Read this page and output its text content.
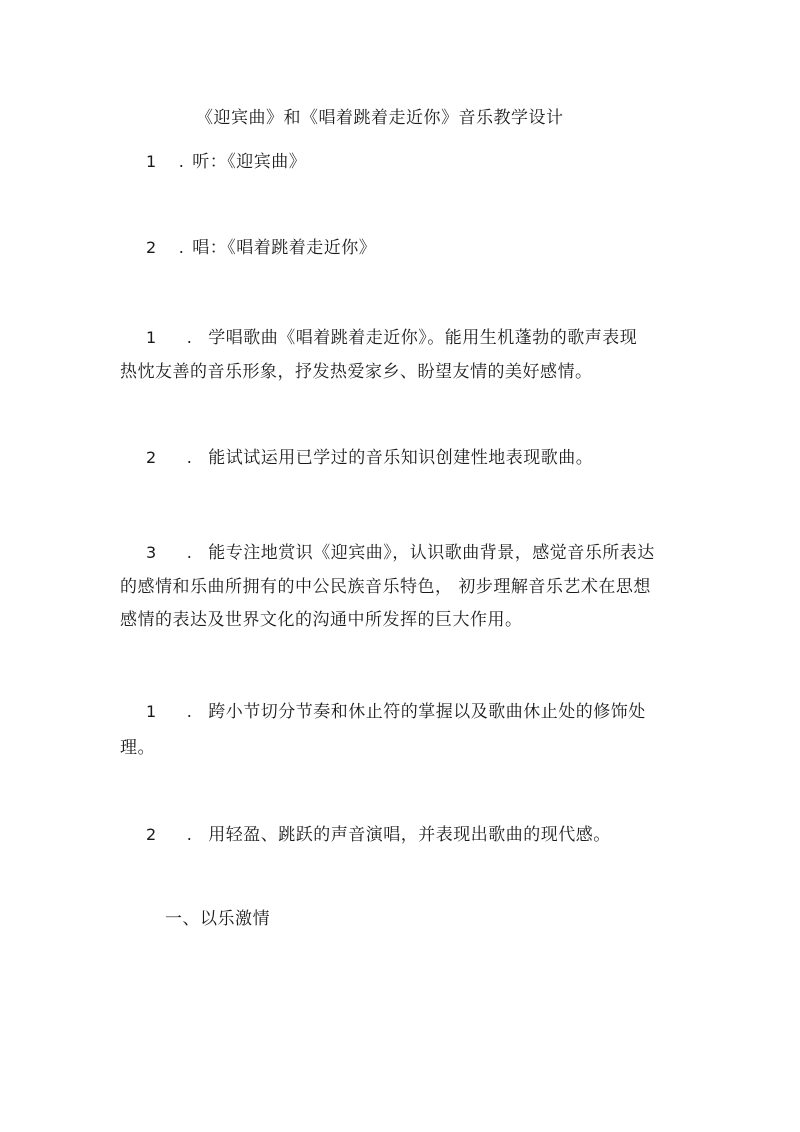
《迎宾曲》和《唱着跳着走近你》音乐教学设计
1 . 听：《迎宾曲》
2 . 唱：《唱着跳着走近你》
1 . 学唱歌曲《唱着跳着走近你》。能用生机蓬勃的歌声表现
热忱友善的音乐形象，抒发热爱家乡、盼望友情的美好感情。
2 . 能试试运用已学过的音乐知识创建性地表现歌曲。
3 . 能专注地赏识《迎宾曲》，认识歌曲背景，感觉音乐所表达
的感情和乐曲所拥有的中公民族音乐特色， 初步理解音乐艺术在思想
感情的表达及世界文化的沟通中所发挥的巨大作用。
1 . 跨小节切分节奏和休止符的掌握以及歌曲休止处的修饰处
理。
2 . 用轻盈、跳跃的声音演唱，并表现出歌曲的现代感。
一、以乐激情
